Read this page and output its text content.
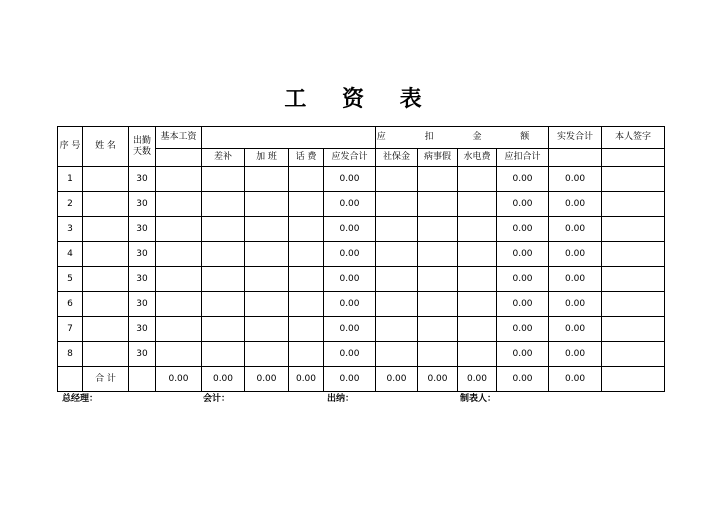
工 资 表
序 号	姓 名	出勤天数	基本工资					应 扣 金 额				实发合计	本人签字
				差补	加 班	话 费	应发合计	社保金	病事假	水电费	应扣合计		
1		30					0.00				0.00	0.00	
2		30					0.00				0.00	0.00	
3		30					0.00				0.00	0.00	
4		30					0.00				0.00	0.00	
5		30					0.00				0.00	0.00	
6		30					0.00				0.00	0.00	
7		30					0.00				0.00	0.00	
8		30					0.00				0.00	0.00	
	合 计		0.00	0.00	0.00	0.00	0.00	0.00	0.00	0.00	0.00	0.00	
总经理：	会计：	出纳：	制表人：
